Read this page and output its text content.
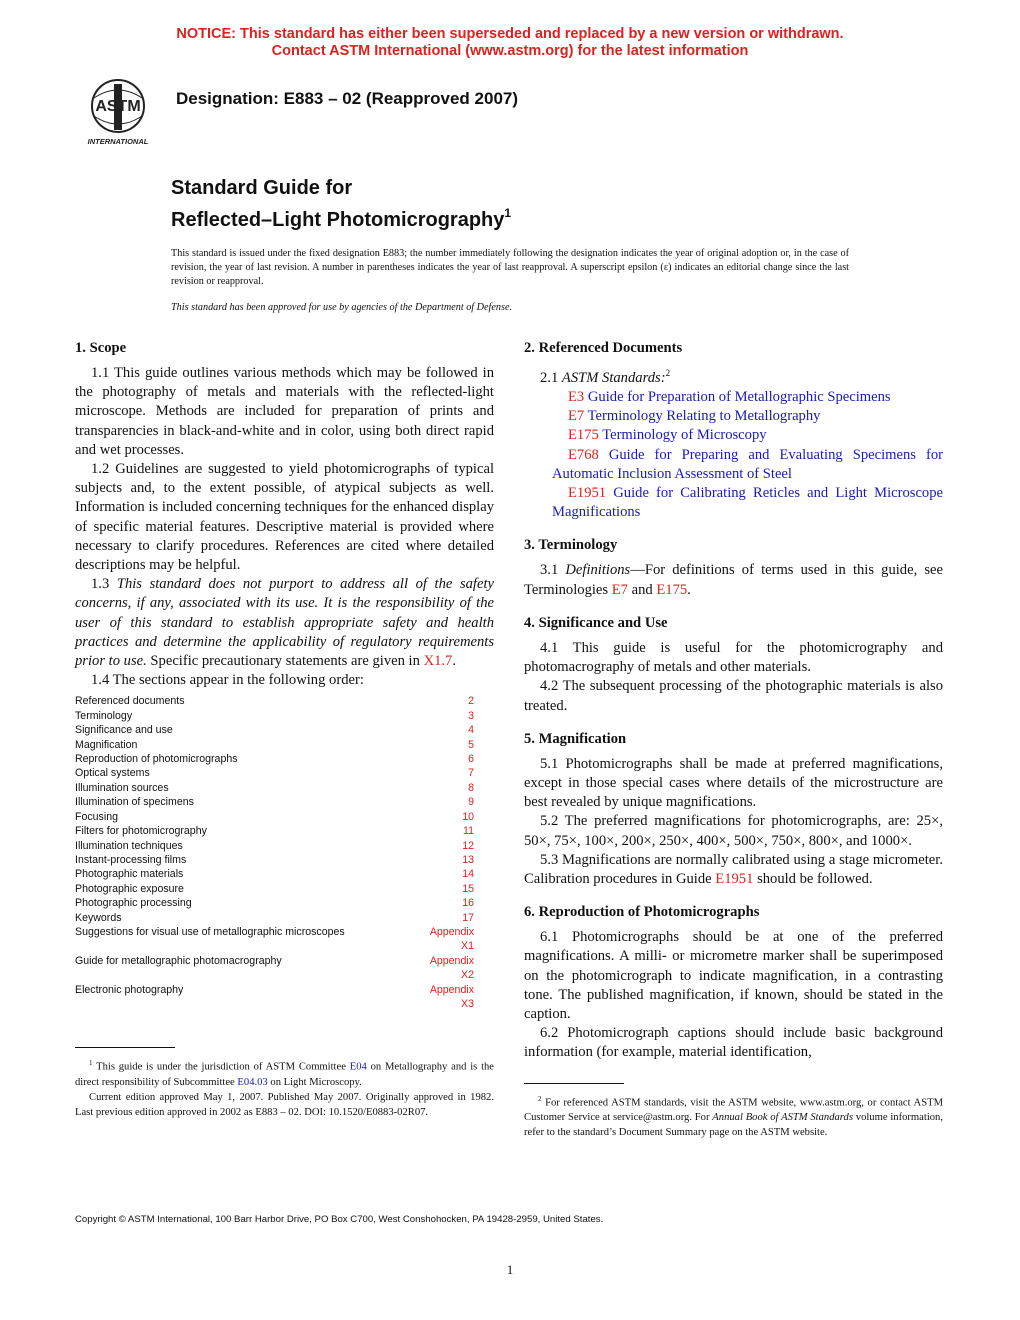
NOTICE: This standard has either been superseded and replaced by a new version or withdrawn.
Contact ASTM International (www.astm.org) for the latest information
ASTM
INTERNATIONAL
Designation: E883 – 02 (Reapproved 2007)
Standard Guide for
Reflected–Light Photomicrography$^1$
This standard is issued under the fixed designation E883; the number immediately following the designation indicates the year of original adoption or, in the case of revision, the year of last revision. A number in parentheses indicates the year of last reapproval. A superscript epsilon (ε) indicates an editorial change since the last revision or reapproval.
This standard has been approved for use by agencies of the Department of Defense.
1. Scope

1.1 This guide outlines various methods which may be followed in the photography of metals and materials with the reflected-light microscope. Methods are included for preparation of prints and transparencies in black-and-white and in color, using both direct rapid and wet processes.

1.2 Guidelines are suggested to yield photomicrographs of typical subjects and, to the extent possible, of atypical subjects as well. Information is included concerning techniques for the enhanced display of specific material features. Descriptive material is provided where necessary to clarify procedures. References are cited where detailed descriptions may be helpful.

1.3 This standard does not purport to address all of the safety concerns, if any, associated with its use. It is the responsibility of the user of this standard to establish appropriate safety and health practices and determine the applicability of regulatory requirements prior to use. Specific precautionary statements are given in X1.7.

1.4 The sections appear in the following order:

Referenced documents	2
Terminology	3
Significance and use	4
Magnification	5
Reproduction of photomicrographs	6
Optical systems	7
Illumination sources	8
Illumination of specimens	9
Focusing	10
Filters for photomicrography	11
Illumination techniques	12
Instant-processing films	13
Photographic materials	14
Photographic exposure	15
Photographic processing	16
Keywords	17
Suggestions for visual use of metallographic microscopes	Appendix X1
Guide for metallographic photomacrography	Appendix X2
Electronic photography	Appendix X3

$^1$ This guide is under the jurisdiction of ASTM Committee E04 on Metallography and is the direct responsibility of Subcommittee E04.03 on Light Microscopy.

Current edition approved May 1, 2007. Published May 2007. Originally approved in 1982. Last previous edition approved in 2002 as E883 – 02. DOI: 10.1520/E0883-02R07.

2. Referenced Documents

2.1 ASTM Standards:$^2$

E3 Guide for Preparation of Metallographic Specimens

E7 Terminology Relating to Metallography

E175 Terminology of Microscopy

E768 Guide for Preparing and Evaluating Specimens for Automatic Inclusion Assessment of Steel

E1951 Guide for Calibrating Reticles and Light Microscope Magnifications

3. Terminology

3.1 Definitions—For definitions of terms used in this guide, see Terminologies E7 and E175.

4. Significance and Use

4.1 This guide is useful for the photomicrography and photomacrography of metals and other materials.

4.2 The subsequent processing of the photographic materials is also treated.

5. Magnification

5.1 Photomicrographs shall be made at preferred magnifications, except in those special cases where details of the microstructure are best revealed by unique magnifications.

5.2 The preferred magnifications for photomicrographs, are: 25×, 50×, 75×, 100×, 200×, 250×, 400×, 500×, 750×, 800×, and 1000×.

5.3 Magnifications are normally calibrated using a stage micrometer. Calibration procedures in Guide E1951 should be followed.

6. Reproduction of Photomicrographs

6.1 Photomicrographs should be at one of the preferred magnifications. A milli- or micrometre marker shall be superimposed on the photomicrograph to indicate magnification, in a contrasting tone. The published magnification, if known, should be stated in the caption.

6.2 Photomicrograph captions should include basic background information (for example, material identification,

$^2$ For referenced ASTM standards, visit the ASTM website, www.astm.org, or contact ASTM Customer Service at service@astm.org. For Annual Book of ASTM Standards volume information, refer to the standard’s Document Summary page on the ASTM website.

Copyright © ASTM International, 100 Barr Harbor Drive, PO Box C700, West Conshohocken, PA 19428-2959, United States.
1
